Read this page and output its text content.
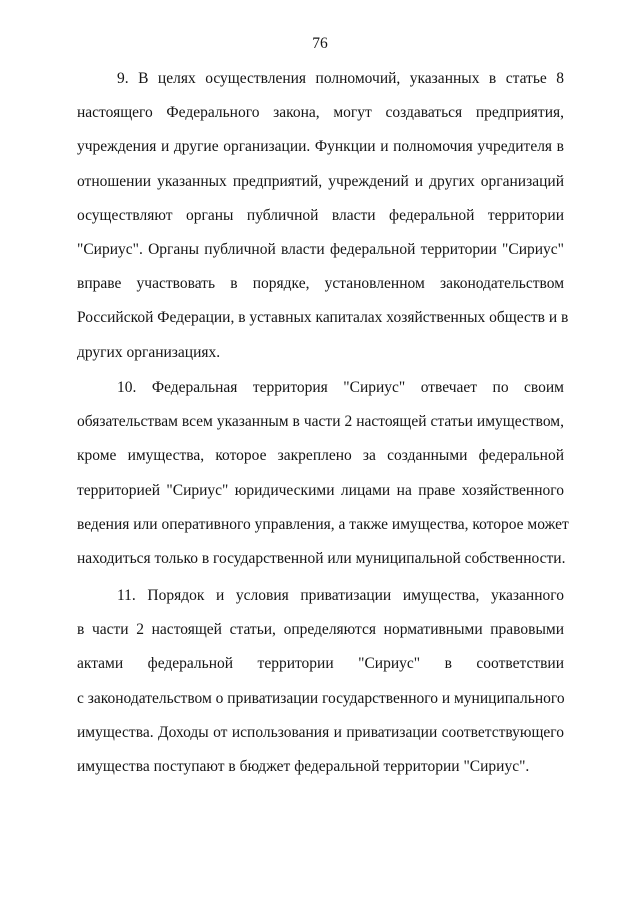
76
9. В целях осуществления полномочий, указанных в статье 8
настоящего Федерального закона, могут создаваться предприятия,
учреждения и другие организации. Функции и полномочия учредителя в
отношении указанных предприятий, учреждений и других организаций
осуществляют органы публичной власти федеральной территории
"Сириус". Органы публичной власти федеральной территории "Сириус"
вправе участвовать в порядке, установленном законодательством
Российской Федерации, в уставных капиталах хозяйственных обществ и в
других организациях.
10. Федеральная территория "Сириус" отвечает по своим
обязательствам всем указанным в части 2 настоящей статьи имуществом,
кроме имущества, которое закреплено за созданными федеральной
территорией "Сириус" юридическими лицами на праве хозяйственного
ведения или оперативного управления, а также имущества, которое может
находиться только в государственной или муниципальной собственности.
11. Порядок и условия приватизации имущества, указанного
в части 2 настоящей статьи, определяются нормативными правовыми
актами федеральной территории "Сириус" в соответствии
с законодательством о приватизации государственного и муниципального
имущества. Доходы от использования и приватизации соответствующего
имущества поступают в бюджет федеральной территории "Сириус".
